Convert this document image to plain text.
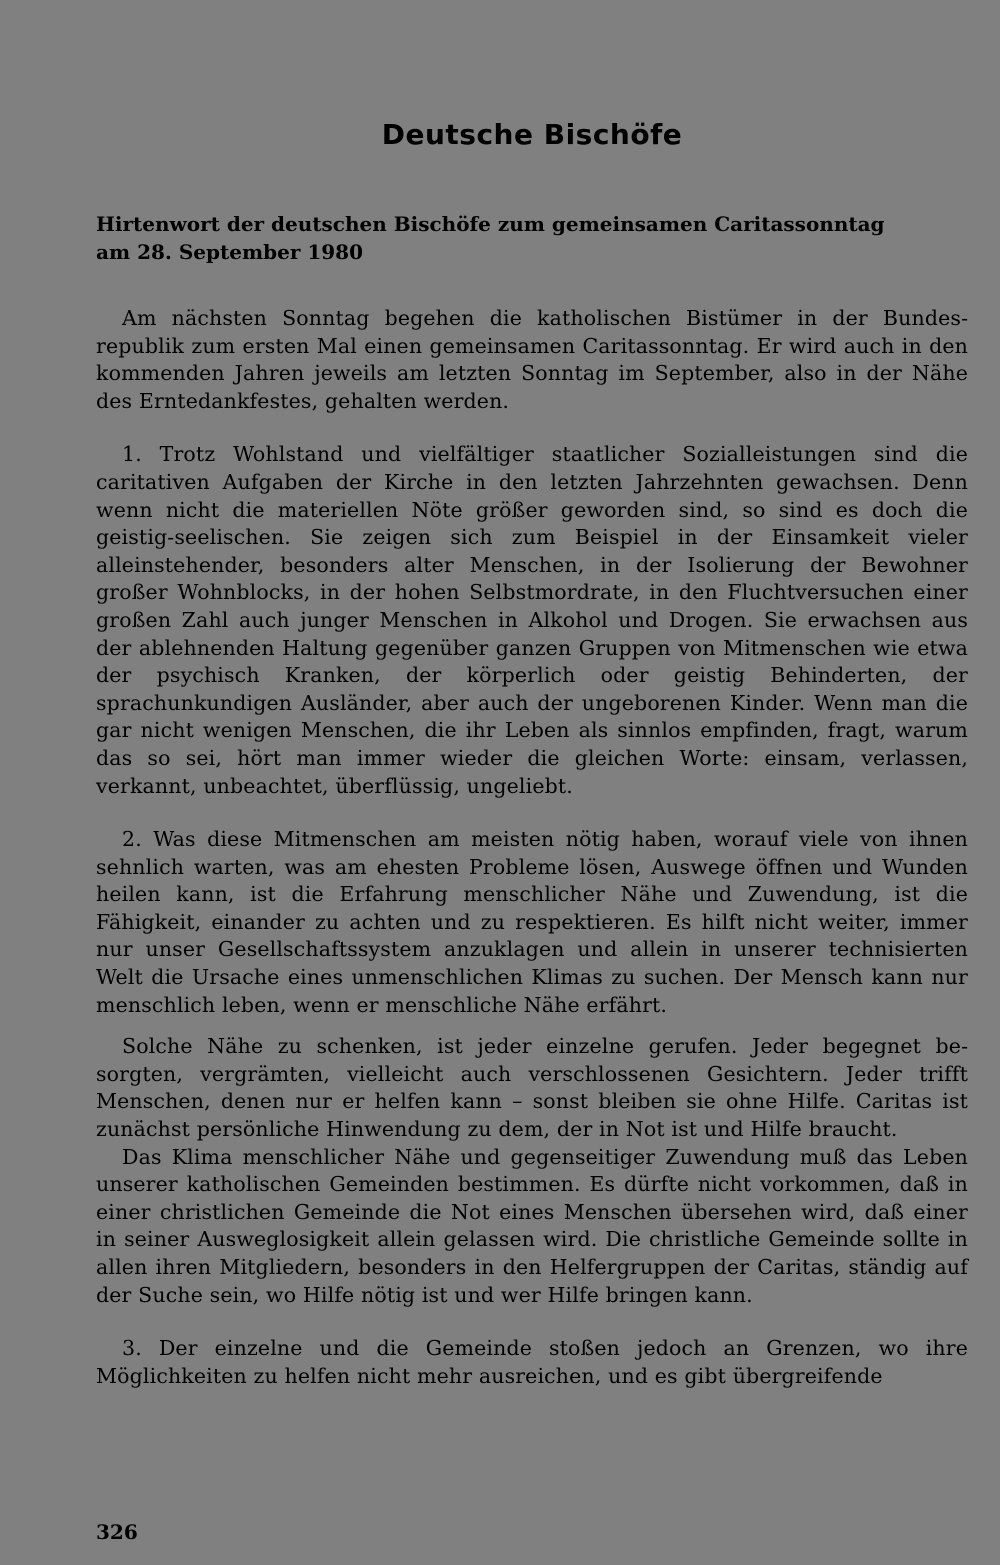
Deutsche Bischöfe
Hirtenwort der deutschen Bischöfe zum gemeinsamen Caritassonntag
am 28. September 1980

Am nächsten Sonntag begehen die katholischen Bistümer in der Bundesrepublik zum ersten Mal einen gemeinsamen Caritassonntag. Er wird auch in den kommenden Jahren jeweils am letzten Sonntag im September, also in der Nähe des Erntedankfestes, gehalten werden.

1. Trotz Wohlstand und vielfältiger staatlicher Sozialleistungen sind die caritativen Aufgaben der Kirche in den letzten Jahrzehnten gewachsen. Denn wenn nicht die materiellen Nöte größer geworden sind, so sind es doch die geistig-seelischen. Sie zeigen sich zum Beispiel in der Einsamkeit vieler alleinstehender, besonders alter Menschen, in der Isolierung der Bewohner großer Wohnblocks, in der hohen Selbstmordrate, in den Fluchtversuchen einer großen Zahl auch junger Menschen in Alkohol und Drogen. Sie erwachsen aus der ablehnenden Haltung gegenüber ganzen Gruppen von Mitmenschen wie etwa der psychisch Kranken, der körperlich oder geistig Behinderten, der sprachunkundigen Ausländer, aber auch der ungeborenen Kinder. Wenn man die gar nicht wenigen Menschen, die ihr Leben als sinnlos empfinden, fragt, warum das so sei, hört man immer wieder die gleichen Worte: einsam, verlassen, verkannt, unbeachtet, überflüssig, ungeliebt.

2. Was diese Mitmenschen am meisten nötig haben, worauf viele von ihnen sehnlich warten, was am ehesten Probleme lösen, Auswege öffnen und Wunden heilen kann, ist die Erfahrung menschlicher Nähe und Zuwendung, ist die Fähigkeit, einander zu achten und zu respektieren. Es hilft nicht weiter, immer nur unser Gesellschaftssystem anzuklagen und allein in unserer technisierten Welt die Ursache eines unmenschlichen Klimas zu suchen. Der Mensch kann nur menschlich leben, wenn er menschliche Nähe erfährt.

Solche Nähe zu schenken, ist jeder einzelne gerufen. Jeder begegnet besorgten, vergrämten, vielleicht auch verschlossenen Gesichtern. Jeder trifft Menschen, denen nur er helfen kann – sonst bleiben sie ohne Hilfe. Caritas ist zunächst persönliche Hinwendung zu dem, der in Not ist und Hilfe braucht.

Das Klima menschlicher Nähe und gegenseitiger Zuwendung muß das Leben unserer katholischen Gemeinden bestimmen. Es dürfte nicht vorkommen, daß in einer christlichen Gemeinde die Not eines Menschen übersehen wird, daß einer in seiner Ausweglosigkeit allein gelassen wird. Die christliche Gemeinde sollte in allen ihren Mitgliedern, besonders in den Helfergruppen der Caritas, ständig auf der Suche sein, wo Hilfe nötig ist und wer Hilfe bringen kann.

3. Der einzelne und die Gemeinde stoßen jedoch an Grenzen, wo ihre Möglichkeiten zu helfen nicht mehr ausreichen, und es gibt übergreifende

326
